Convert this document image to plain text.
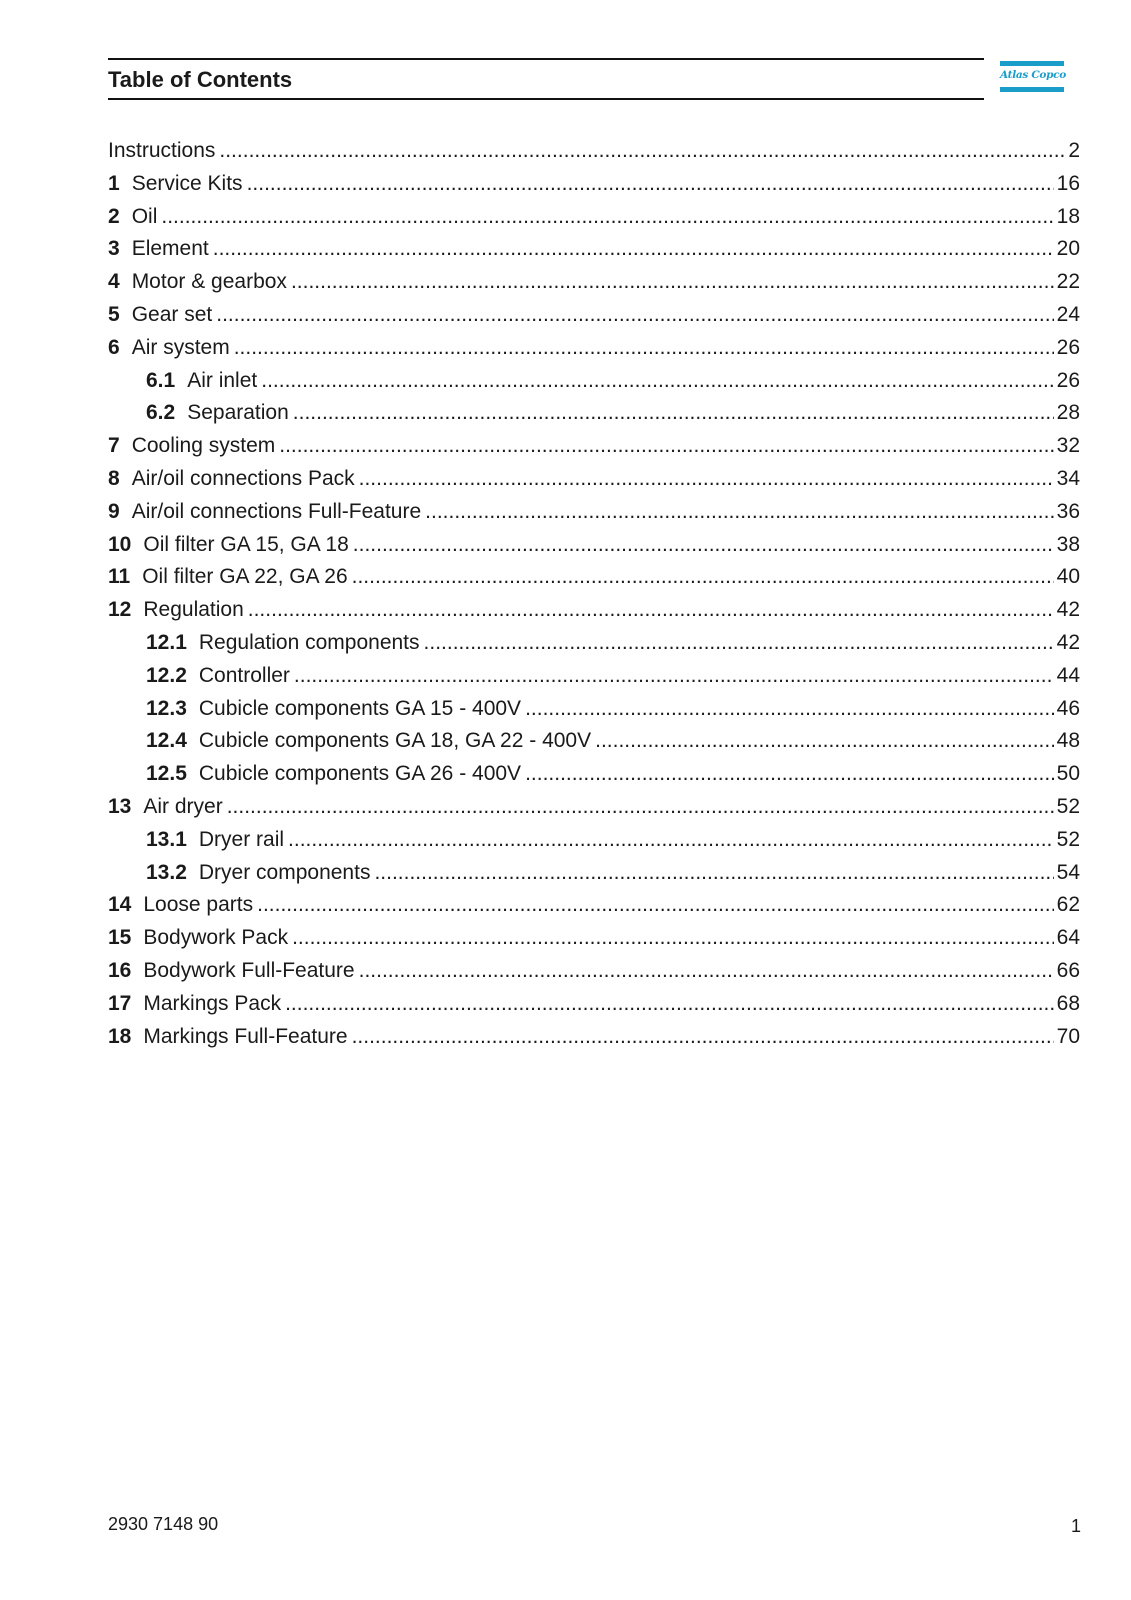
Table of Contents	Atlas Copco
Instructions .....	2
1 Service Kits .....	16
2 Oil .....	18
3 Element .....	20
4 Motor & gearbox .....	22
5 Gear set .....	24
6 Air system .....	26
6.1 Air inlet .....	26
6.2 Separation .....	28
7 Cooling system .....	32
8 Air/oil connections Pack .....	34
9 Air/oil connections Full-Feature .....	36
10 Oil filter GA 15, GA 18 .....	38
11 Oil filter GA 22, GA 26 .....	40
12 Regulation .....	42
12.1 Regulation components .....	42
12.2 Controller .....	44
12.3 Cubicle components GA 15 - 400V .....	46
12.4 Cubicle components GA 18, GA 22 - 400V .....	48
12.5 Cubicle components GA 26 - 400V .....	50
13 Air dryer .....	52
13.1 Dryer rail .....	52
13.2 Dryer components .....	54
14 Loose parts .....	62
15 Bodywork Pack .....	64
16 Bodywork Full-Feature .....	66
17 Markings Pack .....	68
18 Markings Full-Feature .....	70
2930 7148 90	1
